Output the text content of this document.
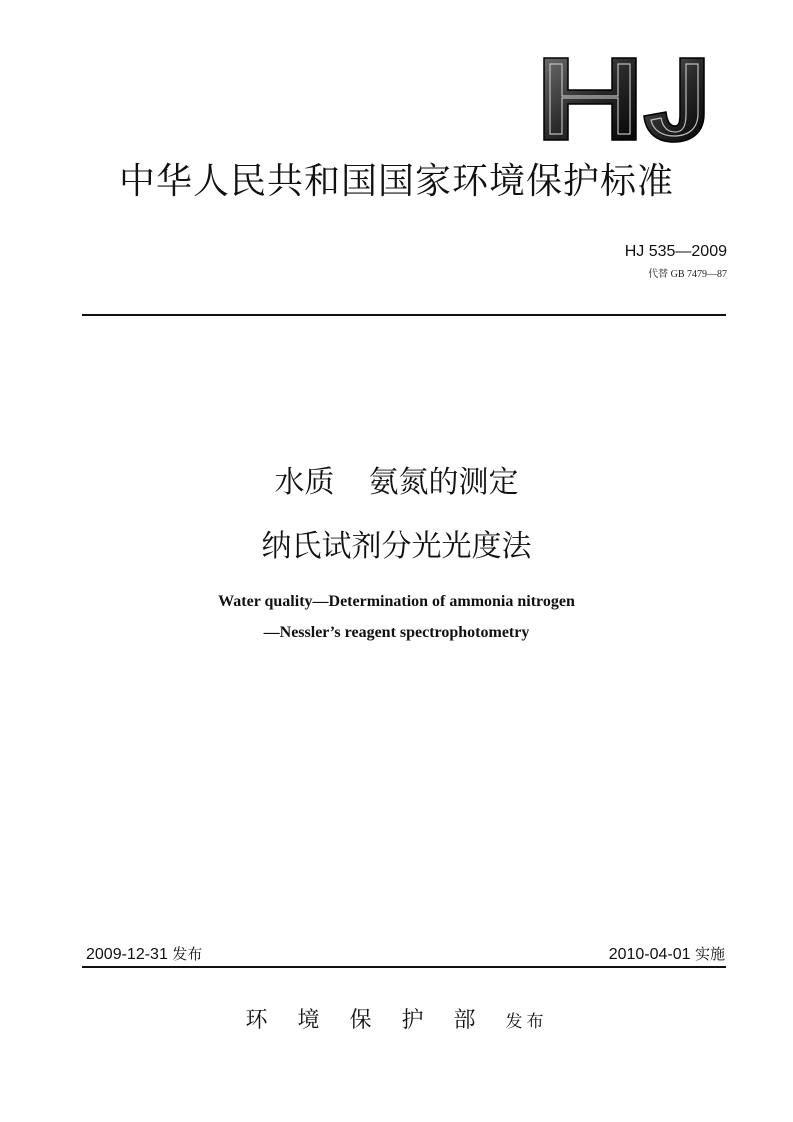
中华人民共和国国家环境保护标准
HJ 535—2009
代替 GB 7479—87
水质 氨氮的测定
纳氏试剂分光光度法
Water quality—Determination of ammonia nitrogen
—Nessler’s reagent spectrophotometry
2009-12-31 发布	2010-04-01 实施
环境保护部发布
